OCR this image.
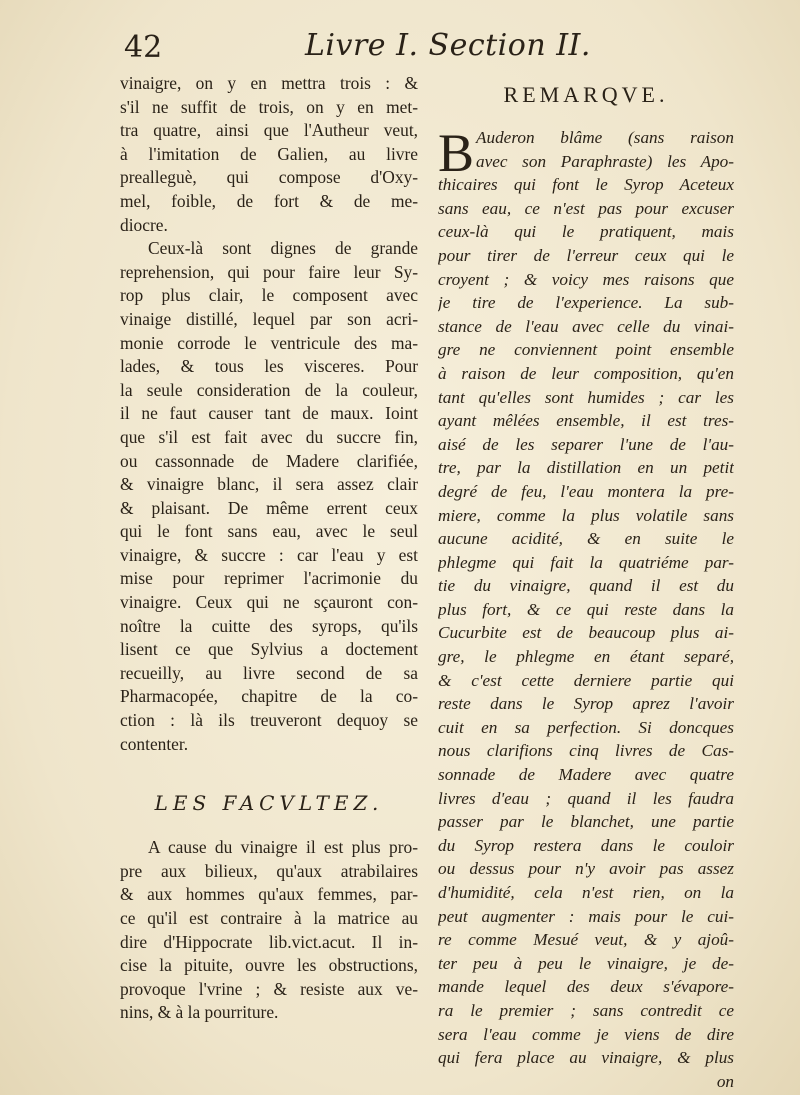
42	Livre I. Section II.
vinaigre, on y en mettra trois : &
s'il ne suffit de trois, on y en met-
tra quatre, ainsi que l'Autheur veut,
à l'imitation de Galien, au livre
prealleguè, qui compose d'Oxy-
mel, foible, de fort & de me-
diocre.
Ceux-là sont dignes de grande
reprehension, qui pour faire leur Sy-
rop plus clair, le composent avec
vinaige distillé, lequel par son acri-
monie corrode le ventricule des ma-
lades, & tous les visceres. Pour
la seule consideration de la couleur,
il ne faut causer tant de maux. Ioint
que s'il est fait avec du succre fin,
ou cassonnade de Madere clarifiée,
& vinaigre blanc, il sera assez clair
& plaisant. De même errent ceux
qui le font sans eau, avec le seul
vinaigre, & succre : car l'eau y est
mise pour reprimer l'acrimonie du
vinaigre. Ceux qui ne sçauront con-
noître la cuitte des syrops, qu'ils
lisent ce que Sylvius a doctement
recueilly, au livre second de sa
Pharmacopée, chapitre de la co-
ction : là ils treuveront dequoy se
contenter.
LES FACVLTEZ.
A cause du vinaigre il est plus pro-
pre aux bilieux, qu'aux atrabilaires
& aux hommes qu'aux femmes, par-
ce qu'il est contraire à la matrice au
dire d'Hippocrate lib.vict.acut. Il in-
cise la pituite, ouvre les obstructions,
provoque l'vrine ; & resiste aux ve-
nins, & à la pourriture.
REMARQVE.
B Auderon blâme (sans raison
avec son Paraphraste) les Apo-
thicaires qui font le Syrop Aceteux
sans eau, ce n'est pas pour excuser
ceux-là qui le pratiquent, mais
pour tirer de l'erreur ceux qui le
croyent ; & voicy mes raisons que
je tire de l'experience. La sub-
stance de l'eau avec celle du vinai-
gre ne conviennent point ensemble
à raison de leur composition, qu'en
tant qu'elles sont humides ; car les
ayant mêlées ensemble, il est tres-
aisé de les separer l'une de l'au-
tre, par la distillation en un petit
degré de feu, l'eau montera la pre-
miere, comme la plus volatile sans
aucune acidité, & en suite le
phlegme qui fait la quatriéme par-
tie du vinaigre, quand il est du
plus fort, & ce qui reste dans la
Cucurbite est de beaucoup plus ai-
gre, le phlegme en étant separé,
& c'est cette derniere partie qui
reste dans le Syrop aprez l'avoir
cuit en sa perfection. Si doncques
nous clarifions cinq livres de Cas-
sonnade de Madere avec quatre
livres d'eau ; quand il les faudra
passer par le blanchet, une partie
du Syrop restera dans le couloir
ou dessus pour n'y avoir pas assez
d'humidité, cela n'est rien, on la
peut augmenter : mais pour le cui-
re comme Mesué veut, & y ajoû-
ter peu à peu le vinaigre, je de-
mande lequel des deux s'évapore-
ra le premier ; sans contredit ce
sera l'eau comme je viens de dire
qui fera place au vinaigre, & plus
on
